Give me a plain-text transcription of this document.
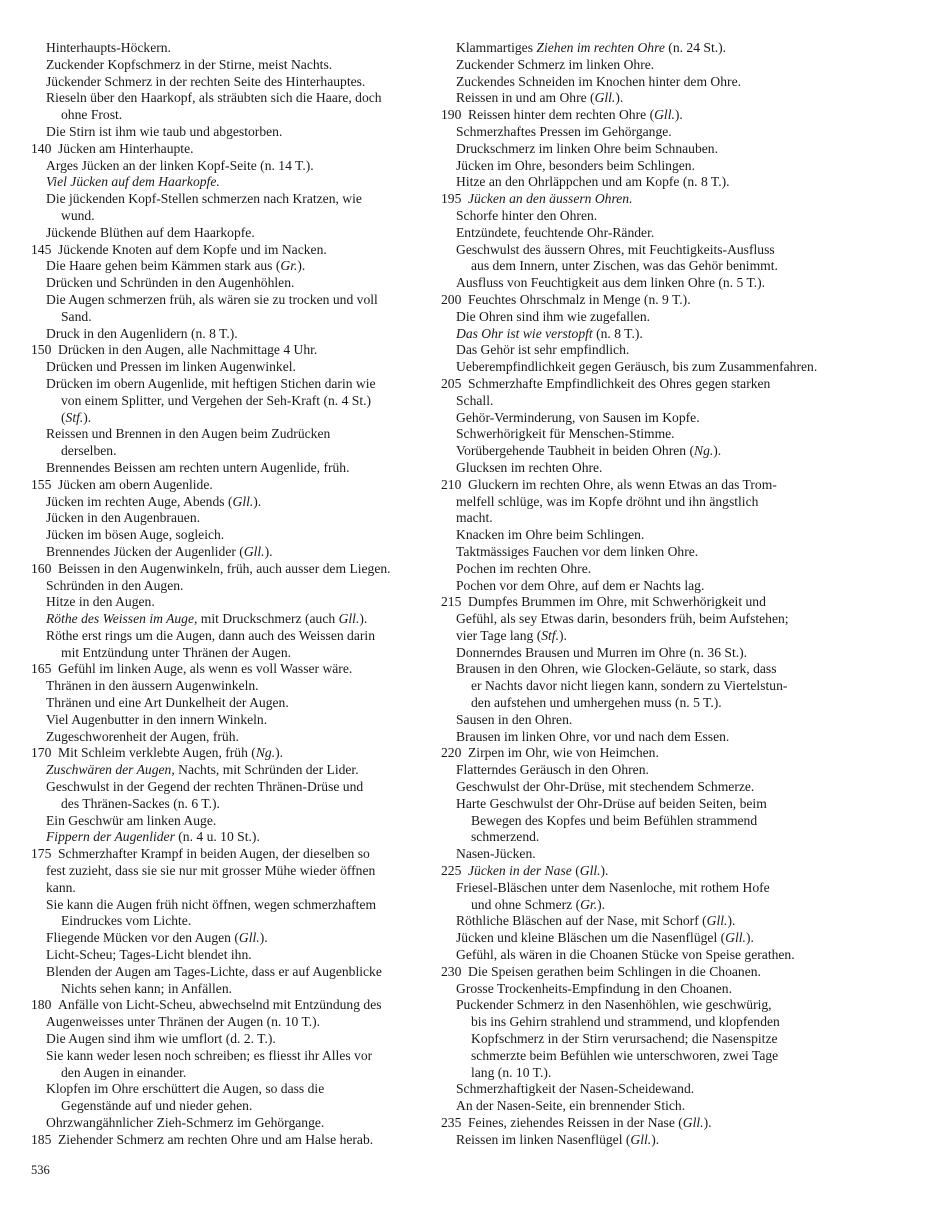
Hinterhaupts-Höckern.
Zuckender Kopfschmerz in der Stirne, meist Nachts.
Jückender Schmerz in der rechten Seite des Hinterhauptes.
Rieseln über den Haarkopf, als sträubten sich die Haare, doch
ohne Frost.
Die Stirn ist ihm wie taub und abgestorben.
140 Jücken am Hinterhaupte.
Arges Jücken an der linken Kopf-Seite (n. 14 T.).
Viel Jücken auf dem Haarkopfe.
Die jückenden Kopf-Stellen schmerzen nach Kratzen, wie
wund.
Jückende Blüthen auf dem Haarkopfe.
145 Jückende Knoten auf dem Kopfe und im Nacken.
Die Haare gehen beim Kämmen stark aus (Gr.).
Drücken und Schründen in den Augenhöhlen.
Die Augen schmerzen früh, als wären sie zu trocken und voll
Sand.
Druck in den Augenlidern (n. 8 T.).
150 Drücken in den Augen, alle Nachmittage 4 Uhr.
Drücken und Pressen im linken Augenwinkel.
Drücken im obern Augenlide, mit heftigen Stichen darin wie
von einem Splitter, und Vergehen der Seh-Kraft (n. 4 St.)
(Stf.).
Reissen und Brennen in den Augen beim Zudrücken
derselben.
Brennendes Beissen am rechten untern Augenlide, früh.
155 Jücken am obern Augenlide.
Jücken im rechten Auge, Abends (Gll.).
Jücken in den Augenbrauen.
Jücken im bösen Auge, sogleich.
Brennendes Jücken der Augenlider (Gll.).
160 Beissen in den Augenwinkeln, früh, auch ausser dem Liegen.
Schründen in den Augen.
Hitze in den Augen.
Röthe des Weissen im Auge, mit Druckschmerz (auch Gll.).
Röthe erst rings um die Augen, dann auch des Weissen darin
mit Entzündung unter Thränen der Augen.
165 Gefühl im linken Auge, als wenn es voll Wasser wäre.
Thränen in den äussern Augenwinkeln.
Thränen und eine Art Dunkelheit der Augen.
Viel Augenbutter in den innern Winkeln.
Zugeschworenheit der Augen, früh.
170 Mit Schleim verklebte Augen, früh (Ng.).
Zuschwären der Augen, Nachts, mit Schründen der Lider.
Geschwulst in der Gegend der rechten Thränen-Drüse und
des Thränen-Sackes (n. 6 T.).
Ein Geschwür am linken Auge.
Fippern der Augenlider (n. 4 u. 10 St.).
175 Schmerzhafter Krampf in beiden Augen, der dieselben so
fest zuzieht, dass sie sie nur mit grosser Mühe wieder öffnen
kann.
Sie kann die Augen früh nicht öffnen, wegen schmerzhaftem
Eindruckes vom Lichte.
Fliegende Mücken vor den Augen (Gll.).
Licht-Scheu; Tages-Licht blendet ihn.
Blenden der Augen am Tages-Lichte, dass er auf Augenblicke
Nichts sehen kann; in Anfällen.
180 Anfälle von Licht-Scheu, abwechselnd mit Entzündung des
Augenweisses unter Thränen der Augen (n. 10 T.).
Die Augen sind ihm wie umflort (d. 2. T.).
Sie kann weder lesen noch schreiben; es fliesst ihr Alles vor
den Augen in einander.
Klopfen im Ohre erschüttert die Augen, so dass die
Gegenstände auf und nieder gehen.
Ohrzwangähnlicher Zieh-Schmerz im Gehörgange.
185 Ziehender Schmerz am rechten Ohre und am Halse herab.
Klammartiges Ziehen im rechten Ohre (n. 24 St.).
Zuckender Schmerz im linken Ohre.
Zuckendes Schneiden im Knochen hinter dem Ohre.
Reissen in und am Ohre (Gll.).
190 Reissen hinter dem rechten Ohre (Gll.).
Schmerzhaftes Pressen im Gehörgange.
Druckschmerz im linken Ohre beim Schnauben.
Jücken im Ohre, besonders beim Schlingen.
Hitze an den Ohrläppchen und am Kopfe (n. 8 T.).
195 Jücken an den äussern Ohren.
Schorfe hinter den Ohren.
Entzündete, feuchtende Ohr-Ränder.
Geschwulst des äussern Ohres, mit Feuchtigkeits-Ausfluss
aus dem Innern, unter Zischen, was das Gehör benimmt.
Ausfluss von Feuchtigkeit aus dem linken Ohre (n. 5 T.).
200 Feuchtes Ohrschmalz in Menge (n. 9 T.).
Die Ohren sind ihm wie zugefallen.
Das Ohr ist wie verstopft (n. 8 T.).
Das Gehör ist sehr empfindlich.
Ueberempfindlichkeit gegen Geräusch, bis zum Zusammenfahren.
205 Schmerzhafte Empfindlichkeit des Ohres gegen starken
Schall.
Gehör-Verminderung, von Sausen im Kopfe.
Schwerhörigkeit für Menschen-Stimme.
Vorübergehende Taubheit in beiden Ohren (Ng.).
Glucksen im rechten Ohre.
210 Gluckern im rechten Ohre, als wenn Etwas an das Trom-
melfell schlüge, was im Kopfe dröhnt und ihn ängstlich
macht.
Knacken im Ohre beim Schlingen.
Taktmässiges Fauchen vor dem linken Ohre.
Pochen im rechten Ohre.
Pochen vor dem Ohre, auf dem er Nachts lag.
215 Dumpfes Brummen im Ohre, mit Schwerhörigkeit und
Gefühl, als sey Etwas darin, besonders früh, beim Aufstehen;
vier Tage lang (Stf.).
Donnerndes Brausen und Murren im Ohre (n. 36 St.).
Brausen in den Ohren, wie Glocken-Geläute, so stark, dass
er Nachts davor nicht liegen kann, sondern zu Viertelstun-
den aufstehen und umhergehen muss (n. 5 T.).
Sausen in den Ohren.
Brausen im linken Ohre, vor und nach dem Essen.
220 Zirpen im Ohr, wie von Heimchen.
Flatterndes Geräusch in den Ohren.
Geschwulst der Ohr-Drüse, mit stechendem Schmerze.
Harte Geschwulst der Ohr-Drüse auf beiden Seiten, beim
Bewegen des Kopfes und beim Befühlen strammend
schmerzend.
Nasen-Jücken.
225 Jücken in der Nase (Gll.).
Friesel-Bläschen unter dem Nasenloche, mit rothem Hofe
und ohne Schmerz (Gr.).
Röthliche Bläschen auf der Nase, mit Schorf (Gll.).
Jücken und kleine Bläschen um die Nasenflügel (Gll.).
Gefühl, als wären in die Choanen Stücke von Speise gerathen.
230 Die Speisen gerathen beim Schlingen in die Choanen.
Grosse Trockenheits-Empfindung in den Choanen.
Puckender Schmerz in den Nasenhöhlen, wie geschwürig,
bis ins Gehirn strahlend und strammend, und klopfenden
Kopfschmerz in der Stirn verursachend; die Nasenspitze
schmerzte beim Befühlen wie unterschworen, zwei Tage
lang (n. 10 T.).
Schmerzhaftigkeit der Nasen-Scheidewand.
An der Nasen-Seite, ein brennender Stich.
235 Feines, ziehendes Reissen in der Nase (Gll.).
Reissen im linken Nasenflügel (Gll.).
536
